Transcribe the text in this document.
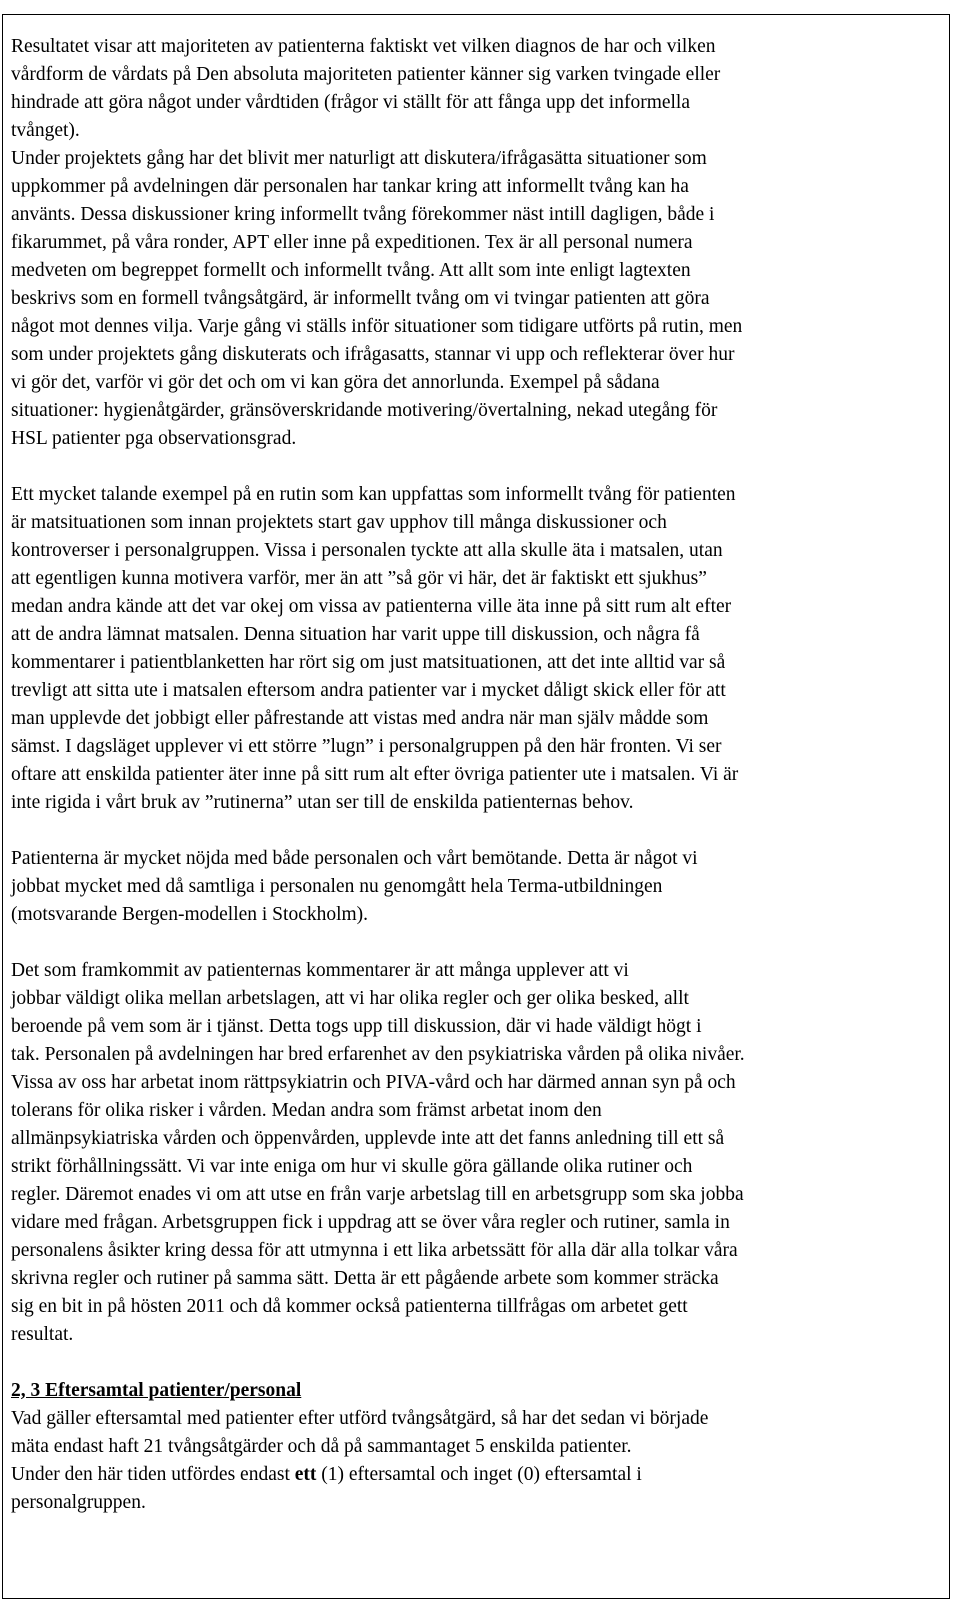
Resultatet visar att majoriteten av patienterna faktiskt vet vilken diagnos de har och vilken

vårdform de vårdats på Den absoluta majoriteten patienter känner sig varken tvingade eller

hindrade att göra något under vårdtiden (frågor vi ställt för att fånga upp det informella

tvånget).

Under projektets gång har det blivit mer naturligt att diskutera/ifrågasätta situationer som

uppkommer på avdelningen där personalen har tankar kring att informellt tvång kan ha

använts. Dessa diskussioner kring informellt tvång förekommer näst intill dagligen, både i

fikarummet, på våra ronder, APT eller inne på expeditionen. Tex är all personal numera

medveten om begreppet formellt och informellt tvång. Att allt som inte enligt lagtexten

beskrivs som en formell tvångsåtgärd, är informellt tvång om vi tvingar patienten att göra

något mot dennes vilja. Varje gång vi ställs inför situationer som tidigare utförts på rutin, men

som under projektets gång diskuterats och ifrågasatts, stannar vi upp och reflekterar över hur

vi gör det, varför vi gör det och om vi kan göra det annorlunda. Exempel på sådana

situationer: hygienåtgärder, gränsöverskridande motivering/övertalning, nekad utegång för

HSL patienter pga observationsgrad.

Ett mycket talande exempel på en rutin som kan uppfattas som informellt tvång för patienten

är matsituationen som innan projektets start gav upphov till många diskussioner och

kontroverser i personalgruppen. Vissa i personalen tyckte att alla skulle äta i matsalen, utan

att egentligen kunna motivera varför, mer än att ”så gör vi här, det är faktiskt ett sjukhus”

medan andra kände att det var okej om vissa av patienterna ville äta inne på sitt rum alt efter

att de andra lämnat matsalen. Denna situation har varit uppe till diskussion, och några få

kommentarer i patientblanketten har rört sig om just matsituationen, att det inte alltid var så

trevligt att sitta ute i matsalen eftersom andra patienter var i mycket dåligt skick eller för att

man upplevde det jobbigt eller påfrestande att vistas med andra när man själv mådde som

sämst. I dagsläget upplever vi ett större ”lugn” i personalgruppen på den här fronten. Vi ser

oftare att enskilda patienter äter inne på sitt rum alt efter övriga patienter ute i matsalen. Vi är

inte rigida i vårt bruk av ”rutinerna” utan ser till de enskilda patienternas behov.

Patienterna är mycket nöjda med både personalen och vårt bemötande. Detta är något vi

jobbat mycket med då samtliga i personalen nu genomgått hela Terma-utbildningen

(motsvarande Bergen-modellen i Stockholm).

Det som framkommit av patienternas kommentarer är att många upplever att vi

jobbar väldigt olika mellan arbetslagen, att vi har olika regler och ger olika besked, allt

beroende på vem som är i tjänst. Detta togs upp till diskussion, där vi hade väldigt högt i

tak. Personalen på avdelningen har bred erfarenhet av den psykiatriska vården på olika nivåer.

Vissa av oss har arbetat inom rättpsykiatrin och PIVA-vård och har därmed annan syn på och

tolerans för olika risker i vården. Medan andra som främst arbetat inom den

allmänpsykiatriska vården och öppenvården, upplevde inte att det fanns anledning till ett så

strikt förhållningssätt. Vi var inte eniga om hur vi skulle göra gällande olika rutiner och

regler. Däremot enades vi om att utse en från varje arbetslag till en arbetsgrupp som ska jobba

vidare med frågan. Arbetsgruppen fick i uppdrag att se över våra regler och rutiner, samla in

personalens åsikter kring dessa för att utmynna i ett lika arbetssätt för alla där alla tolkar våra

skrivna regler och rutiner på samma sätt. Detta är ett pågående arbete som kommer sträcka

sig en bit in på hösten 2011 och då kommer också patienterna tillfrågas om arbetet gett

resultat.

2, 3 Eftersamtal patienter/personal

Vad gäller eftersamtal med patienter efter utförd tvångsåtgärd, så har det sedan vi började

mäta endast haft 21 tvångsåtgärder och då på sammantaget 5 enskilda patienter.

Under den här tiden utfördes endast ett (1) eftersamtal och inget (0) eftersamtal i

personalgruppen.
